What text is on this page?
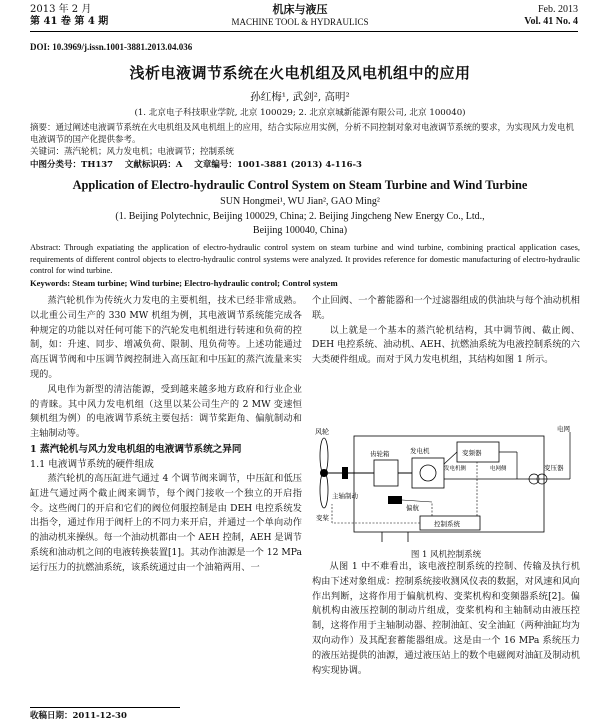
2013 年 2 月
第 41 卷 第 4 期
机床与液压
MACHINE TOOL & HYDRAULICS
Feb. 2013
Vol. 41 No. 4
DOI: 10.3969/j.issn.1001-3881.2013.04.036
浅析电液调节系统在火电机组及风电机组中的应用
孙红梅¹, 武剑², 高明²
(1. 北京电子科技职业学院, 北京 100029; 2. 北京京城新能源有限公司, 北京 100040)
摘要：通过阐述电液调节系统在火电机组及风电机组上的应用，结合实际应用实例，分析不同控制对象对电液调节系统的要求，为实现风力发电机电液调节的国产化提供参考。
关键词：蒸汽轮机；风力发电机；电液调节；控制系统
中图分类号：TH137    文献标识码：A    文章编号：1001-3881 (2013) 4-116-3
Application of Electro-hydraulic Control System on Steam Turbine and Wind Turbine
SUN Hongmei¹, WU Jian², GAO Ming²
(1. Beijing Polytechnic, Beijing 100029, China; 2. Beijing Jingcheng New Energy Co., Ltd.,
Beijing 100040, China)
Abstract: Through expatiating the application of electro-hydraulic control system on steam turbine and wind turbine, combining practical application cases, requirements of different control objects to electro-hydraulic control systems were analyzed. It provides reference for domestic manufacturing of electro-hydraulic control for wind turbine.
Keywords: Steam turbine; Wind turbine; Electro-hydraulic control; Control system

蒸汽轮机作为传统火力发电的主要机组，技术已经非常成熟。以北重公司生产的 330 MW 机组为例，其电液调节系统能完成各种规定的功能以对任何可能下的汽轮发电机组进行转速和负荷的控制，如：升速、同步、增减负荷、限制、甩负荷等。上述功能通过高压调节阀和中压调节阀控制进入高压缸和中压缸的蒸汽流量来实现的。

风电作为新型的清洁能源，受到越来越多地方政府和行业企业的青睐。其中风力发电机组（这里以某公司生产的 2 MW 变速恒频机组为例）的电液调节系统主要包括：调节桨距角、偏航制动和主轴制动等。

1 蒸汽轮机与风力发电机组的电液调节系统之异同
1.1 电液调节系统的硬件组成

蒸汽轮机的高压缸进气通过 4 个调节阀来调节，中压缸和低压缸进气通过两个截止阀来调节，每个阀门接收一个独立的开启指令。这些阀门的开启和它们的阀位伺服控制是由 DEH 电控系统发出指令，通过作用于阀杆上的不同力来开启，并通过一个单向动作的油动机来操纵。每一个油动机都由一个 AEH 控制，AEH 是调节系统和油动机之间的电液转换装置[1]。其动作油源是一个 12 MPa 运行压力的抗燃油系统，该系统通过由一个油箱两用、一

个止回阀、一个蓄能器和一个过滤器组成的供油块与每个油动机相联。

以上就是一个基本的蒸汽轮机结构，其中调节阀、截止阀、DEH 电控系统、油动机、AEH、抗燃油系统为电液控制系统的六大类硬件组成。而对于风力发电机组，其结构如图 1 所示。

风轮
主轴制动
齿轮箱	发电机	变频器
发电机侧	电网侧	变压器
电网
控制系统
变桨
偏航
图 1 风机控制系统

从图 1 中不难看出，该电液控制系统的控制、传输及执行机构由下述对象组成：控制系统接收测风仪表的数据，对风速和风向作出判断，这将作用于偏航机构、变桨机构和变频器系统[2]。偏航机构由液压控制的制动片组成，变桨机构和主轴制动由液压控制，这将作用于主轴制动器、控制油缸、安全油缸（两种油缸均为双向动作）及其配套蓄能器组成。这是由一个 16 MPa 系统压力的液压站提供的油源，通过液压站上的数个电磁阀对油缸及制动机构实现协调。

收稿日期：2011-12-30
